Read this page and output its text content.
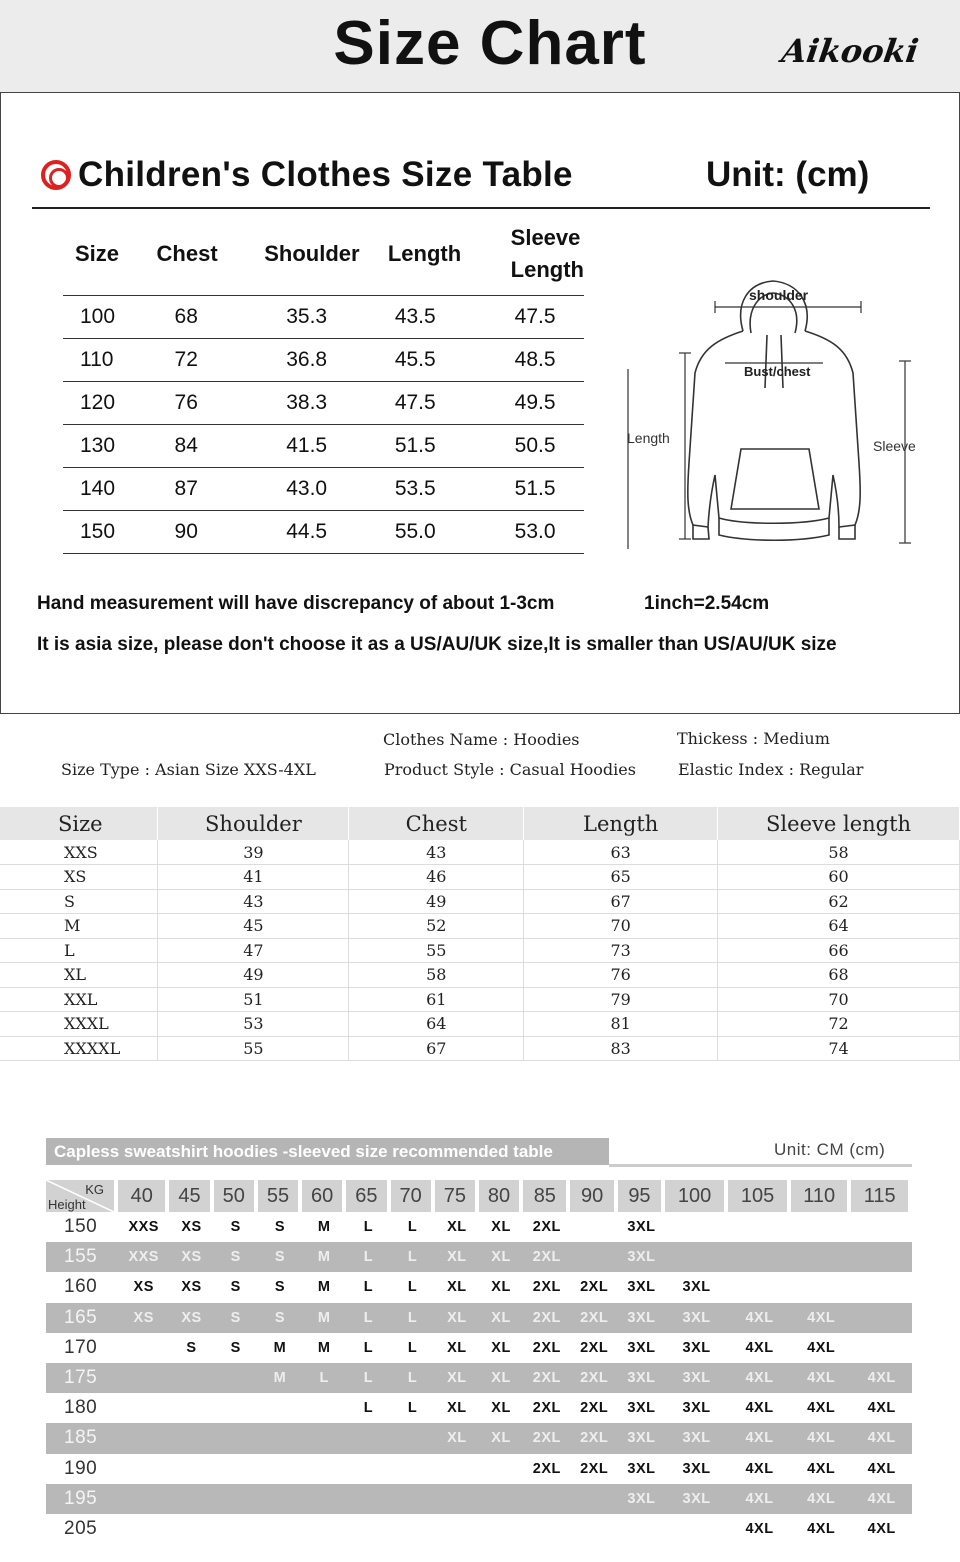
Size Chart	Aikooki
Children's Clothes Size Table	Unit: (cm)
Size	Chest	Shoulder	Length	Sleeve Length
100	68	35.3	43.5	47.5
110	72	36.8	45.5	48.5
120	76	38.3	47.5	49.5
130	84	41.5	51.5	50.5
140	87	43.0	53.5	51.5
150	90	44.5	55.0	53.0
shoulder
Bust/chest
Length	Sleeve
Hand measurement will have discrepancy of about 1-3cm	1inch=2.54cm
It is asia size, please don't choose it as a US/AU/UK size,It is smaller than US/AU/UK size
Clothes Name : Hoodies	Thickess : Medium
Size Type : Asian Size XXS-4XL	Product Style : Casual Hoodies	Elastic Index : Regular
Size	Shoulder	Chest	Length	Sleeve length
XXS	39	43	63	58
XS	41	46	65	60
S	43	49	67	62
M	45	52	70	64
L	47	55	73	66
XL	49	58	76	68
XXL	51	61	79	70
XXXL	53	64	81	72
XXXXL	55	67	83	74
Capless sweatshirt hoodies -sleeved size recommended table	Unit: CM (cm)
KG
Height	40	45	50	55	60	65	70	75	80	85	90	95	100	105	110	115
150	XXS	XS	S	S	M	L	L	XL	XL	2XL		3XL				
155	XXS	XS	S	S	M	L	L	XL	XL	2XL		3XL				
160	XS	XS	S	S	M	L	L	XL	XL	2XL	2XL	3XL	3XL			
165	XS	XS	S	S	M	L	L	XL	XL	2XL	2XL	3XL	3XL	4XL	4XL	
170		S	S	M	M	L	L	XL	XL	2XL	2XL	3XL	3XL	4XL	4XL	
175				M	L	L	L	XL	XL	2XL	2XL	3XL	3XL	4XL	4XL	4XL
180						L	L	XL	XL	2XL	2XL	3XL	3XL	4XL	4XL	4XL
185								XL	XL	2XL	2XL	3XL	3XL	4XL	4XL	4XL
190										2XL	2XL	3XL	3XL	4XL	4XL	4XL
195												3XL	3XL	4XL	4XL	4XL
205														4XL	4XL	4XL
